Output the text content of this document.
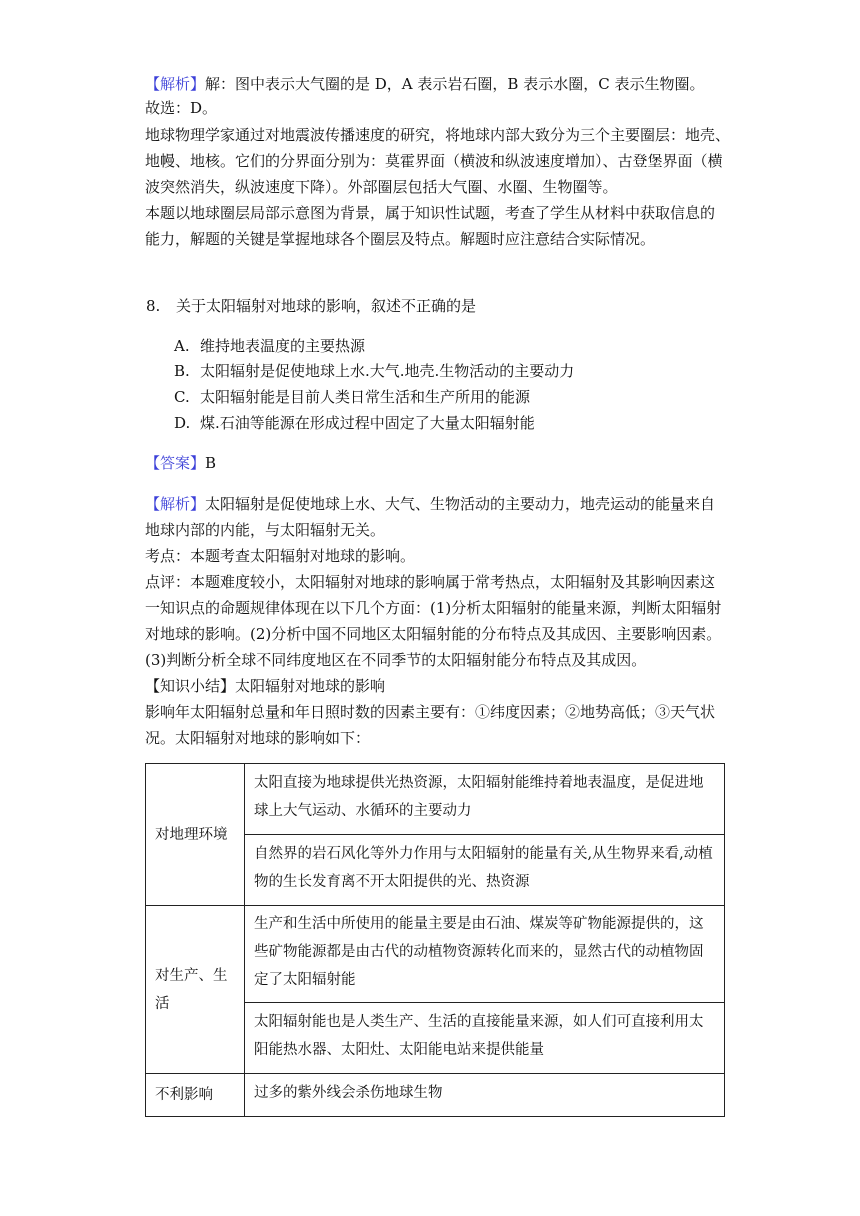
【解析】解：图中表示大气圈的是 D，A 表示岩石圈，B 表示水圈，C 表示生物圈。
故选：D。
地球物理学家通过对地震波传播速度的研究，将地球内部大致分为三个主要圈层：地壳、
地幔、地核。它们的分界面分别为：莫霍界面（横波和纵波速度增加）、古登堡界面（横
波突然消失，纵波速度下降）。外部圈层包括大气圈、水圈、生物圈等。
本题以地球圈层局部示意图为背景，属于知识性试题，考查了学生从材料中获取信息的
能力，解题的关键是掌握地球各个圈层及特点。解题时应注意结合实际情况。
8. 关于太阳辐射对地球的影响，叙述不正确的是
A. 维持地表温度的主要热源
B. 太阳辐射是促使地球上水.大气.地壳.生物活动的主要动力
C. 太阳辐射能是目前人类日常生活和生产所用的能源
D. 煤.石油等能源在形成过程中固定了大量太阳辐射能
【答案】B
【解析】太阳辐射是促使地球上水、大气、生物活动的主要动力，地壳运动的能量来自
地球内部的内能，与太阳辐射无关。
考点：本题考查太阳辐射对地球的影响。
点评：本题难度较小，太阳辐射对地球的影响属于常考热点，太阳辐射及其影响因素这
一知识点的命题规律体现在以下几个方面：(1)分析太阳辐射的能量来源，判断太阳辐射
对地球的影响。(2)分析中国不同地区太阳辐射能的分布特点及其成因、主要影响因素。
(3)判断分析全球不同纬度地区在不同季节的太阳辐射能分布特点及其成因。
【知识小结】太阳辐射对地球的影响
影响年太阳辐射总量和年日照时数的因素主要有：①纬度因素；②地势高低；③天气状
况。太阳辐射对地球的影响如下：
对地理环境	太阳直接为地球提供光热资源，太阳辐射能维持着地表温度，是促进地球上大气运动、水循环的主要动力
	自然界的岩石风化等外力作用与太阳辐射的能量有关,从生物界来看,动植物的生长发育离不开太阳提供的光、热资源
对生产、生活	生产和生活中所使用的能量主要是由石油、煤炭等矿物能源提供的，这些矿物能源都是由古代的动植物资源转化而来的，显然古代的动植物固定了太阳辐射能
	太阳辐射能也是人类生产、生活的直接能量来源，如人们可直接利用太阳能热水器、太阳灶、太阳能电站来提供能量
不利影响	过多的紫外线会杀伤地球生物
